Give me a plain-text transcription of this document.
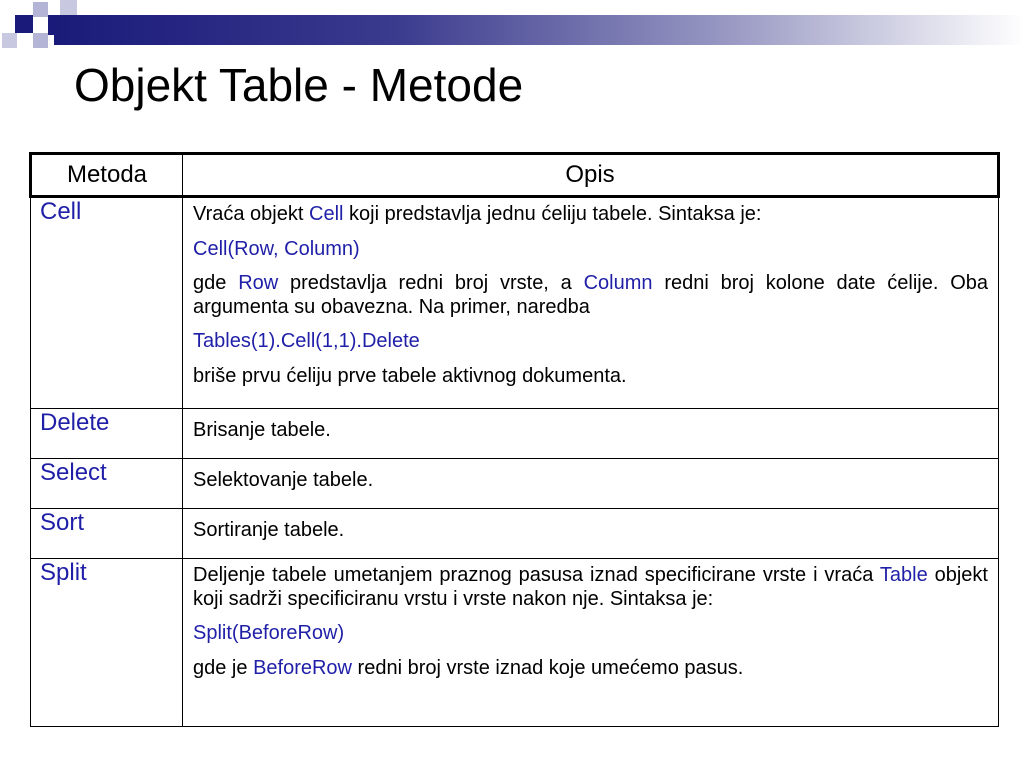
Objekt Table - Metode
Metoda	Opis
Cell	Vraća objekt Cell koji predstavlja jednu ćeliju tabele. Sintaksa je:

Cell(Row, Column)

gde Row predstavlja redni broj vrste, a Column redni broj kolone date ćelije. Oba argumenta su obavezna. Na primer, naredba

Tables(1).Cell(1,1).Delete

briše prvu ćeliju prve tabele aktivnog dokumenta.

Delete	Brisanje tabele.
Select	Selektovanje tabele.
Sort	Sortiranje tabele.
Split	Deljenje tabele umetanjem praznog pasusa iznad specificirane vrste i vraća Table objekt koji sadrži specificiranu vrstu i vrste nakon nje. Sintaksa je:

Split(BeforeRow)

gde je BeforeRow redni broj vrste iznad koje umećemo pasus.
